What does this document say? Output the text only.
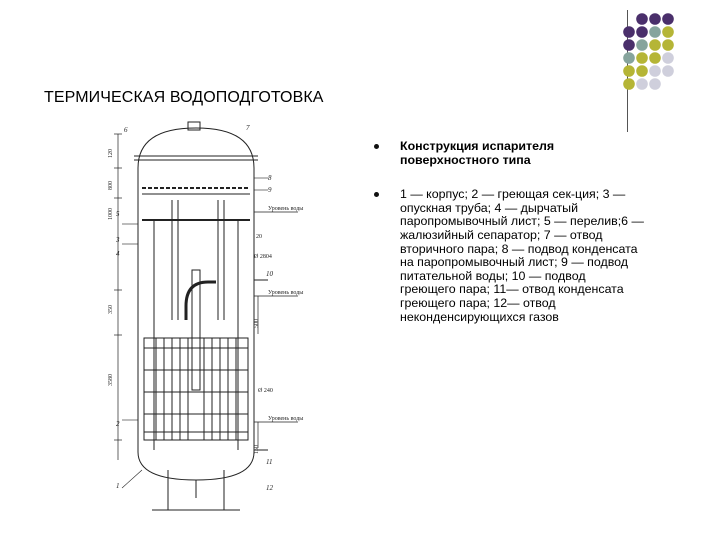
ТЕРМИЧЕСКАЯ ВОДОПОДГОТОВКА
6	7
8
9
5
3
4
10
2
1
11
12
120
800
1000
350
3580
150
500
Уровень воды
Уровень воды
Уровень воды
20
Ø 2804
Ø 240
Конструкция испарителя
поверхностного типа
1 — корпус; 2 — греющая сек-ция; 3 —
опускная труба; 4 — дырчатый
паропромывочный лист; 5 — перелив;6 —
жалюзийный сепаратор; 7 — отвод
вторичного пара; 8 — подвод конденсата
на паропромывочный лист; 9 — подвод
питательной воды; 10 — подвод
греющего пара; 11— отвод конденсата
греющего пара; 12— отвод
неконденсирующихся газов
